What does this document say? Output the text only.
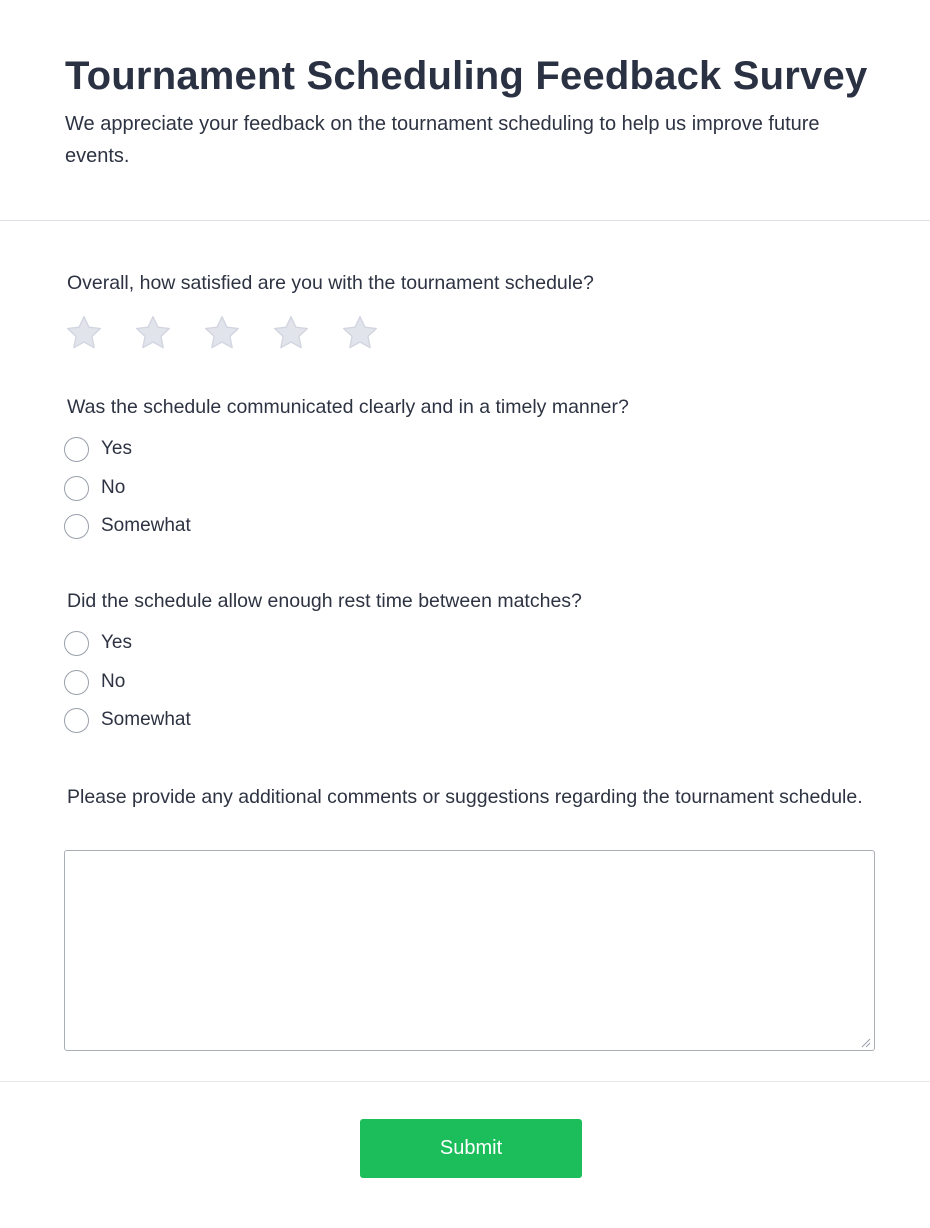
Tournament Scheduling Feedback Survey

We appreciate your feedback on the tournament scheduling to help us improve future events.

Overall, how satisfied are you with the tournament schedule?
Was the schedule communicated clearly and in a timely manner?
Yes
No
Somewhat
Did the schedule allow enough rest time between matches?
Yes
No
Somewhat
Please provide any additional comments or suggestions regarding the tournament schedule.
Submit
